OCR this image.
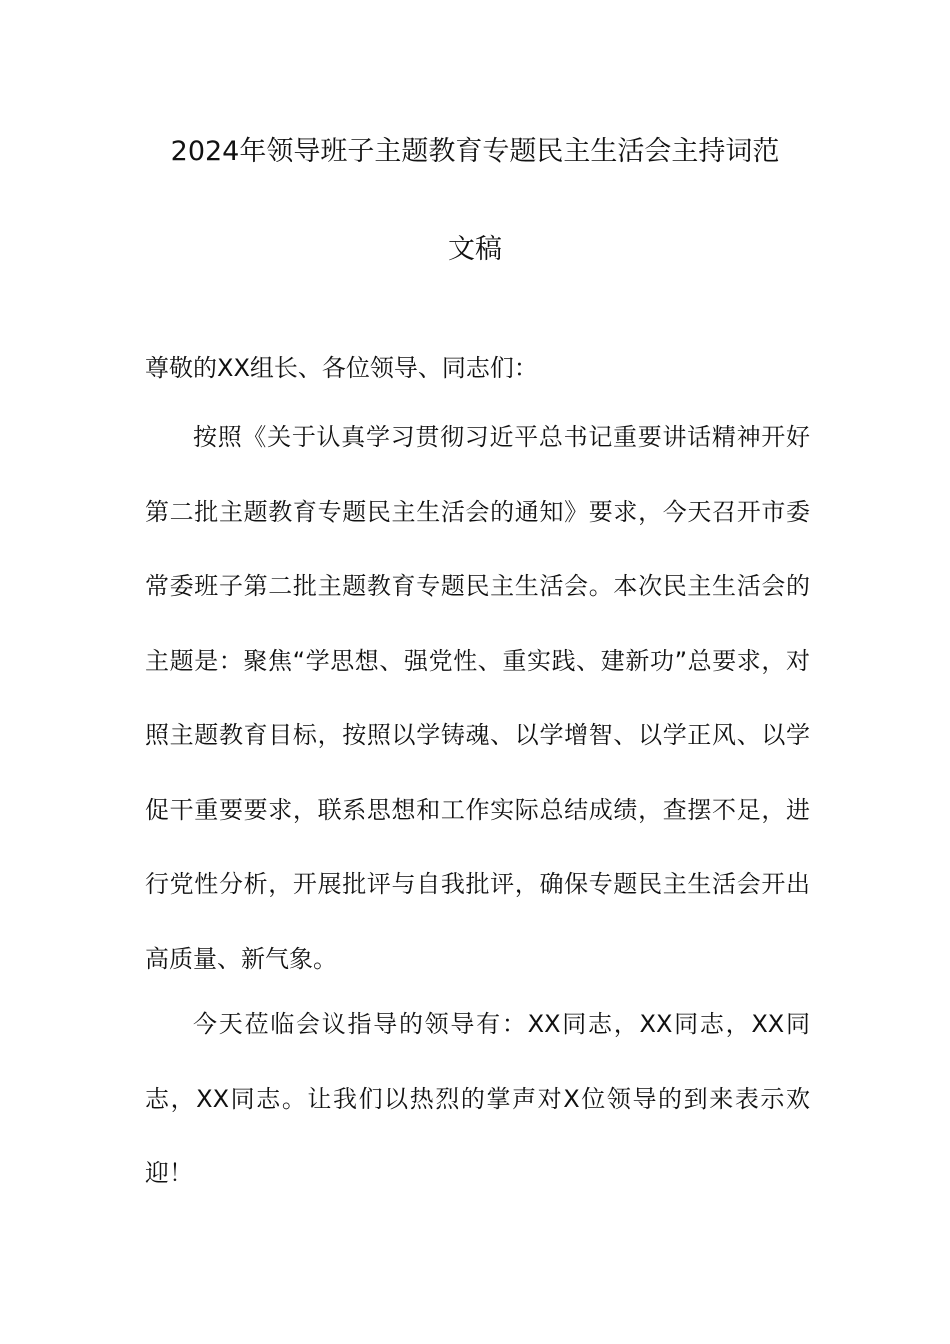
2024年领导班子主题教育专题民主生活会主持词范
文稿

尊敬的XX组长、各位领导、同志们：

按照《关于认真学习贯彻习近平总书记重要讲话精神开好第二批主题教育专题民主生活会的通知》要求，今天召开市委常委班子第二批主题教育专题民主生活会。本次民主生活会的主题是：聚焦“学思想、强党性、重实践、建新功”总要求，对照主题教育目标，按照以学铸魂、以学增智、以学正风、以学促干重要要求，联系思想和工作实际总结成绩，查摆不足，进行党性分析，开展批评与自我批评，确保专题民主生活会开出高质量、新气象。

今天莅临会议指导的领导有：XX同志，XX同志，XX同志，XX同志。让我们以热烈的掌声对X位领导的到来表示欢迎！
